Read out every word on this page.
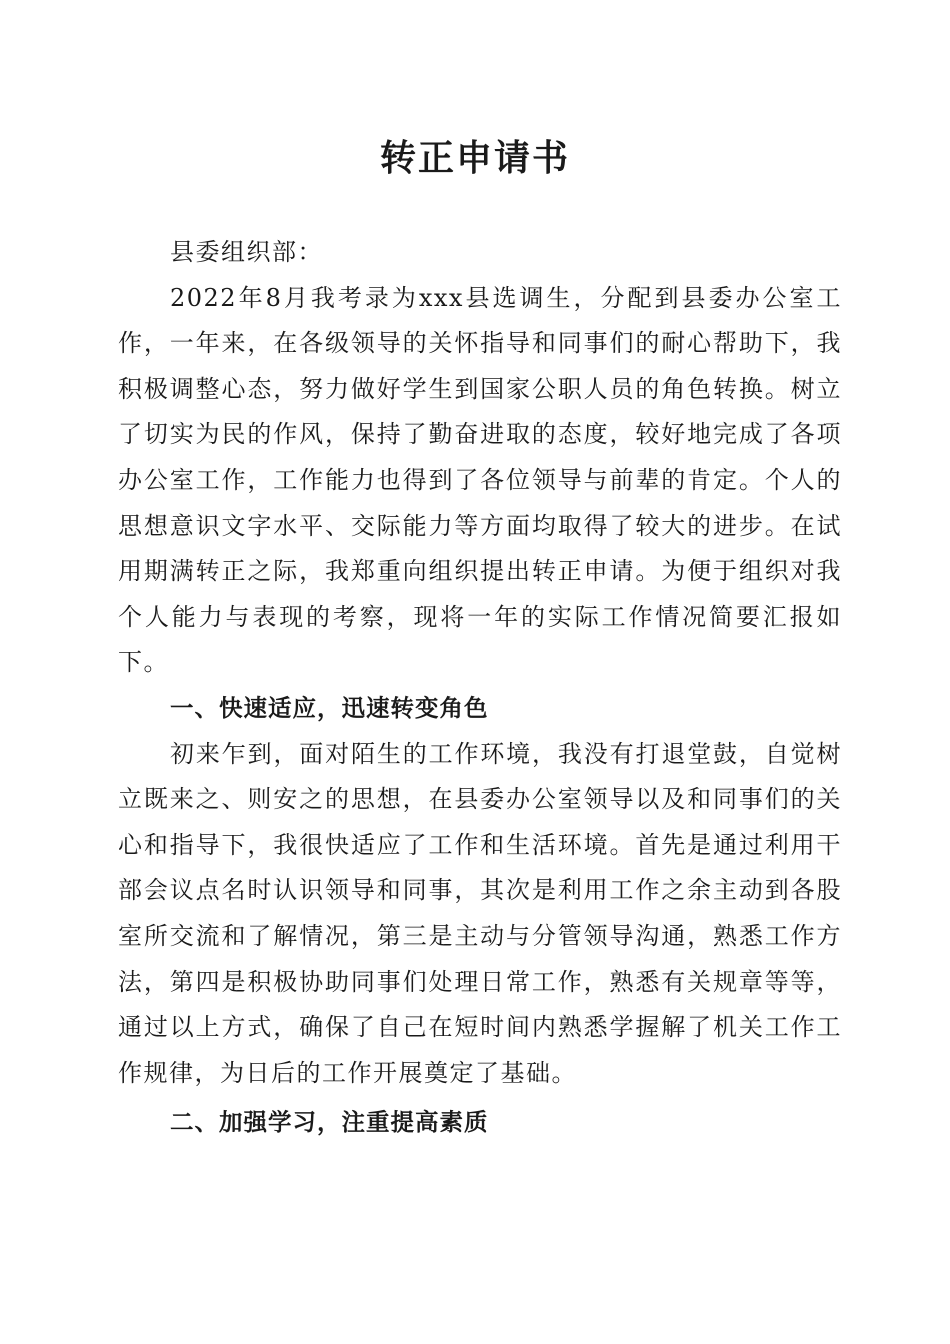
转正申请书

县委组织部：

2022年8月我考录为xxx县选调生，分配到县委办公室工作，一年来，在各级领导的关怀指导和同事们的耐心帮助下，我积极调整心态，努力做好学生到国家公职人员的角色转换。树立了切实为民的作风，保持了勤奋进取的态度，较好地完成了各项办公室工作，工作能力也得到了各位领导与前辈的肯定。个人的思想意识文字水平、交际能力等方面均取得了较大的进步。在试用期满转正之际，我郑重向组织提出转正申请。为便于组织对我个人能力与表现的考察，现将一年的实际工作情况简要汇报如下。

一、快速适应，迅速转变角色

初来乍到，面对陌生的工作环境，我没有打退堂鼓，自觉树立既来之、则安之的思想，在县委办公室领导以及和同事们的关心和指导下，我很快适应了工作和生活环境。首先是通过利用干部会议点名时认识领导和同事，其次是利用工作之余主动到各股室所交流和了解情况，第三是主动与分管领导沟通，熟悉工作方法，第四是积极协助同事们处理日常工作，熟悉有关规章等等，通过以上方式，确保了自己在短时间内熟悉学握解了机关工作工作规律，为日后的工作开展奠定了基础。

二、加强学习，注重提高素质
